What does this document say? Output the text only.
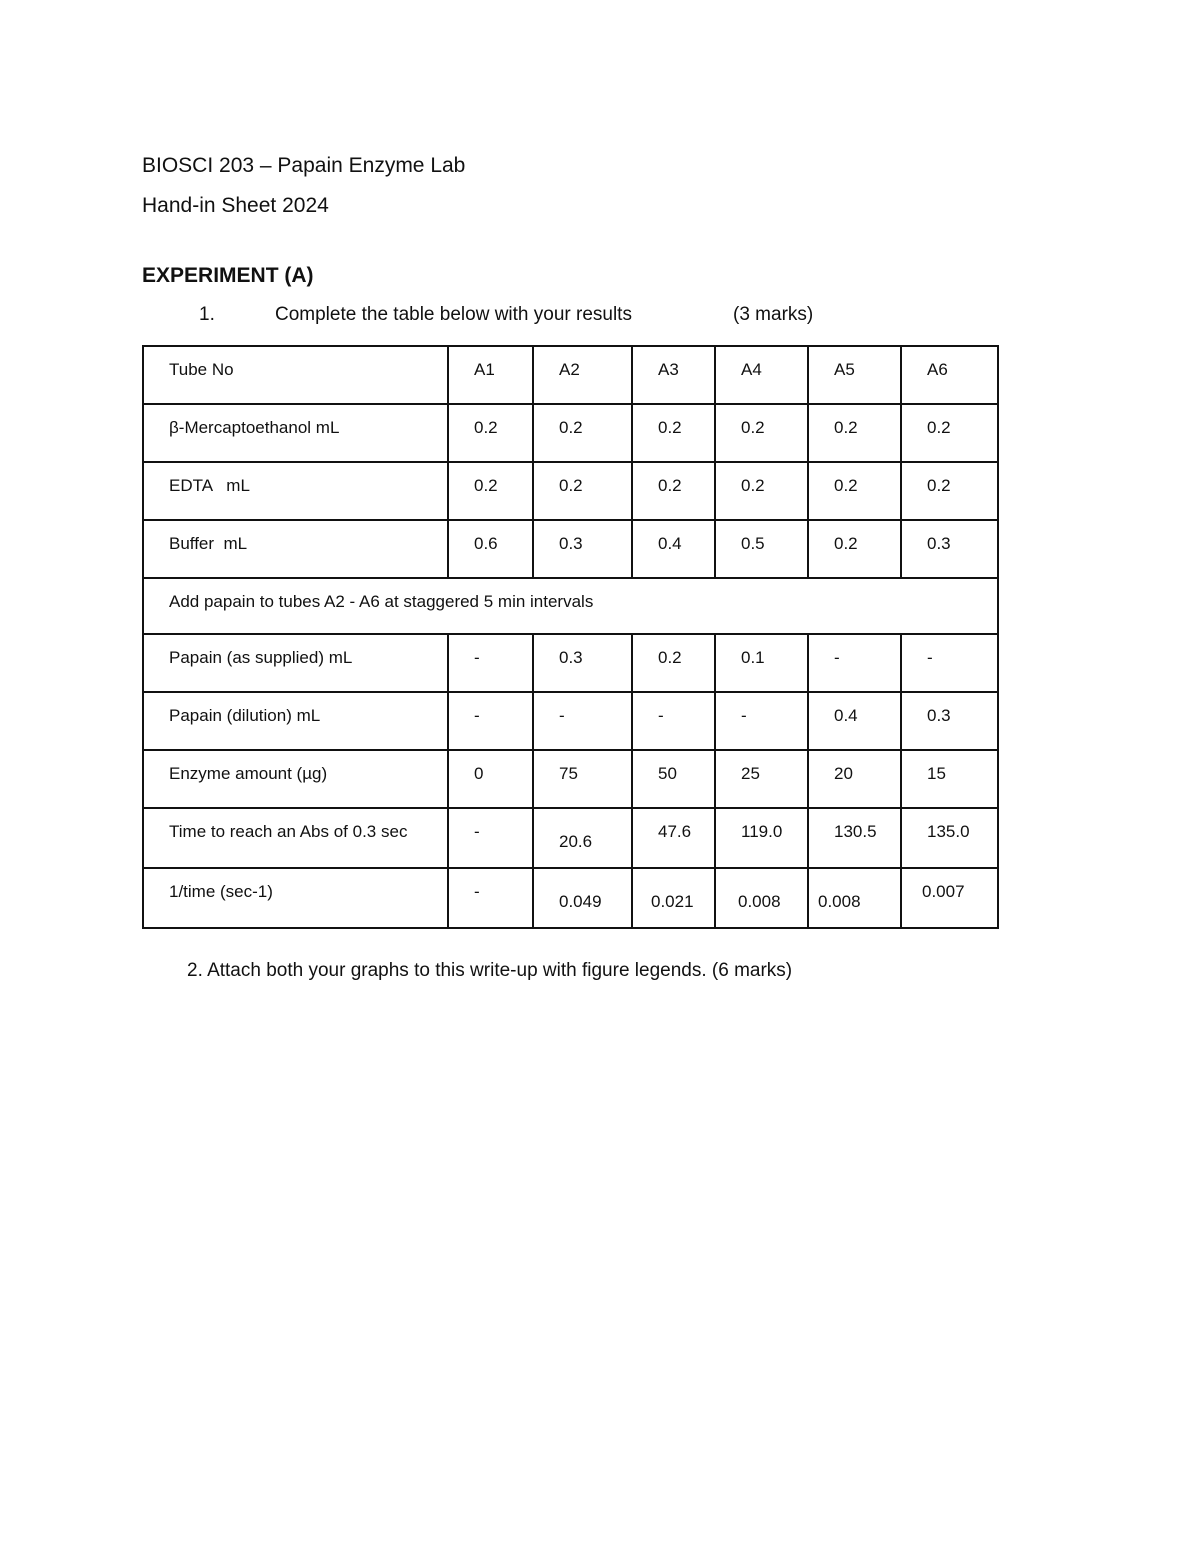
BIOSCI 203 – Papain Enzyme Lab
Hand-in Sheet 2024
EXPERIMENT (A)
1.	Complete the table below with your results	(3 marks)
Tube No	A1	A2	A3	A4	A5	A6
β-Mercaptoethanol mL	0.2	0.2	0.2	0.2	0.2	0.2
EDTA   mL	0.2	0.2	0.2	0.2	0.2	0.2
Buffer  mL	0.6	0.3	0.4	0.5	0.2	0.3
Add papain to tubes A2 - A6 at staggered 5 min intervals						
Papain (as supplied) mL	-	0.3	0.2	0.1	-	-
Papain (dilution) mL	-	-	-	-	0.4	0.3
Enzyme amount (µg)	0	75	50	25	20	15
Time to reach an Abs of 0.3 sec	-	20.6	47.6	119.0	130.5	135.0
1/time (sec-1)	-	0.049	0.021	0.008	0.008	0.007
2. Attach both your graphs to this write-up with figure legends. (6 marks)
